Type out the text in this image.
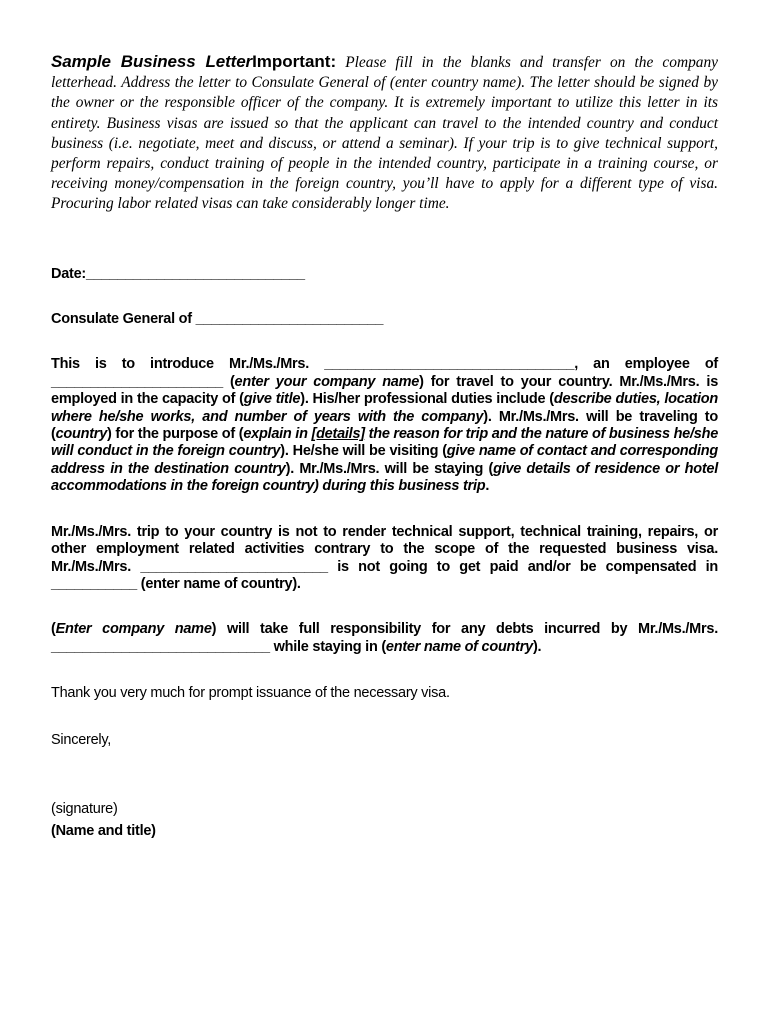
Sample Business LetterImportant: Please fill in the blanks and transfer on the company letterhead. Address the letter to Consulate General of (enter country name). The letter should be signed by the owner or the responsible officer of the company. It is extremely important to utilize this letter in its entirety. Business visas are issued so that the applicant can travel to the intended country and conduct business (i.e. negotiate, meet and discuss, or attend a seminar). If your trip is to give technical support, perform repairs, conduct training of people in the intended country, participate in a training course, or receiving money/compensation in the foreign country, you’ll have to apply for a different type of visa. Procuring labor related visas can take considerably longer time.

Date:____________________________

Consulate General of ________________________

This is to introduce Mr./Ms./Mrs. ________________________________, an employee of ______________________ (enter your company name) for travel to your country. Mr./Ms./Mrs. is employed in the capacity of (give title). His/her professional duties include (describe duties, location where he/she works, and number of years with the company). Mr./Ms./Mrs. will be traveling to (country) for the purpose of (explain in [details] the reason for trip and the nature of business he/she will conduct in the foreign country). He/she will be visiting (give name of contact and corresponding address in the destination country). Mr./Ms./Mrs. will be staying (give details of residence or hotel accommodations in the foreign country) during this business trip.

Mr./Ms./Mrs. trip to your country is not to render technical support, technical training, repairs, or other employment related activities contrary to the scope of the requested business visa. Mr./Ms./Mrs. ________________________ is not going to get paid and/or be compensated in ___________ (enter name of country).

(Enter company name) will take full responsibility for any debts incurred by Mr./Ms./Mrs. ____________________________ while staying in (enter name of country).

Thank you very much for prompt issuance of the necessary visa.

Sincerely,

(signature)

(Name and title)
